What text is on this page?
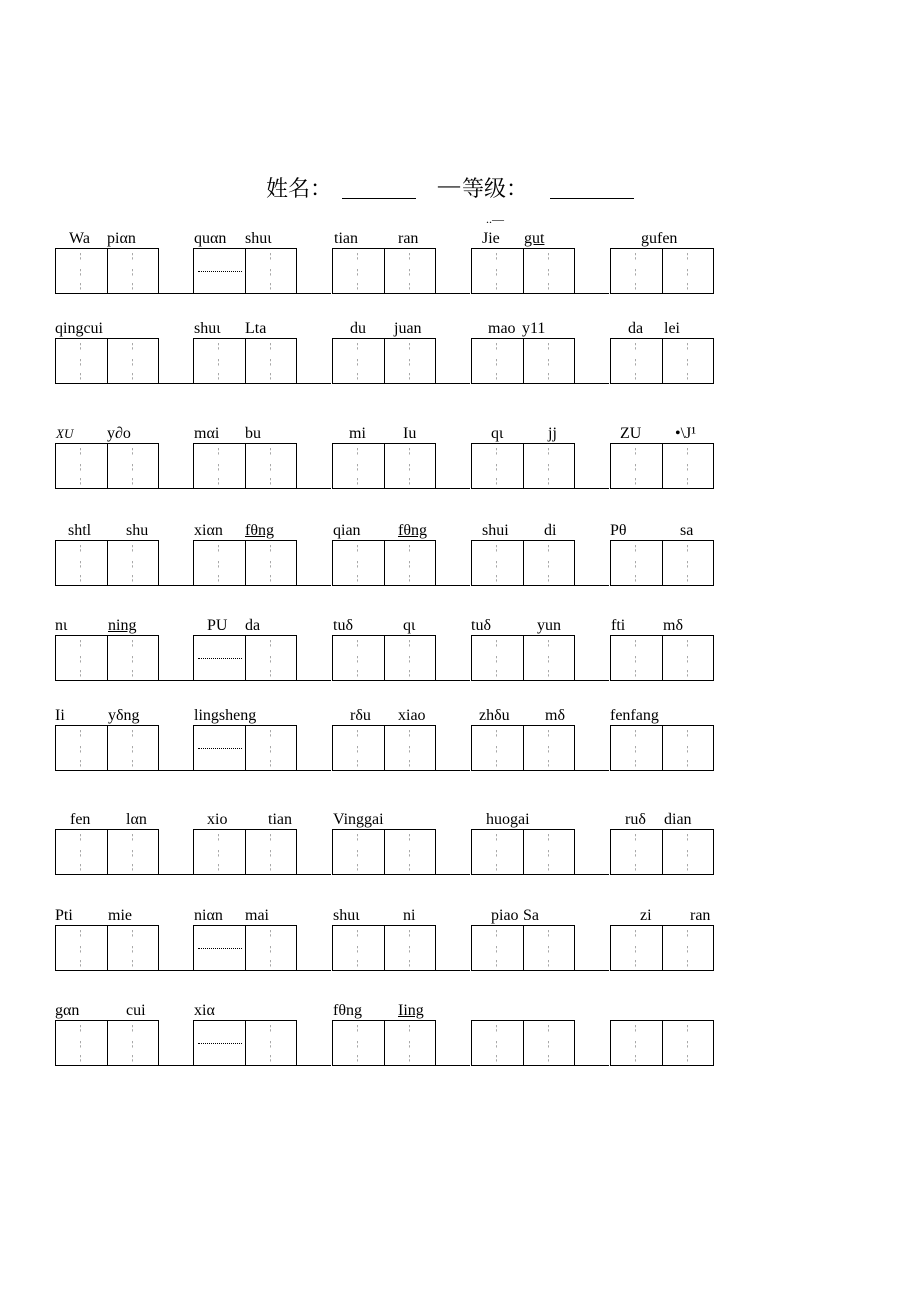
姓名：	— 等级：
..—
Wa piαn	quαn shuι	tian	ran	Jie gut	gufen
¦
¦
¦
¦
¦
¦
¦
¦
¦
¦
¦
¦
¦
¦
¦
¦
¦
¦
¦
¦
¦
¦
¦
¦
¦
¦
¦
qingcui	shuι Lta	du juan	mao y11	da lei
¦
¦
¦
¦
¦
¦
¦
¦
¦
¦
¦
¦
¦
¦
¦
¦
¦
¦
¦
¦
¦
¦
¦
¦
¦
¦
¦
¦
¦
¦
XU y∂o	mαi bu	mi Iu	qι	jj	ZU •\J¹
¦
¦
¦
¦
¦
¦
¦
¦
¦
¦
¦
¦
¦
¦
¦
¦
¦
¦
¦
¦
¦
¦
¦
¦
¦
¦
¦
¦
¦
¦
shtl shu	xiαn fθng	qian fθng	shui di	Pθ	sa
¦
¦
¦
¦
¦
¦
¦
¦
¦
¦
¦
¦
¦
¦
¦
¦
¦
¦
¦
¦
¦
¦
¦
¦
¦
¦
¦
¦
¦
¦
nι	ning	PU da	tuδ	qι	tuδ	yun	fti mδ
¦
¦
¦
¦
¦
¦
¦
¦
¦
¦
¦
¦
¦
¦
¦
¦
¦
¦
¦
¦
¦
¦
¦
¦
¦
¦
¦
Ii	yδng	lingsheng	rδu xiao	zhδu mδ	fenfang
¦
¦
¦
¦
¦
¦
¦
¦
¦
¦
¦
¦
¦
¦
¦
¦
¦
¦
¦
¦
¦
¦
¦
¦
¦
¦
¦
fen lαn	xio	tian	Vinggai	huogai	ruδ dian
¦
¦
¦
¦
¦
¦
¦
¦
¦
¦
¦
¦
¦
¦
¦
¦
¦
¦
¦
¦
¦
¦
¦
¦
¦
¦
¦
¦
¦
¦
Pti mie	niαn mai	shuι	ni	piao Sa	zi ran
¦
¦
¦
¦
¦
¦
¦
¦
¦
¦
¦
¦
¦
¦
¦
¦
¦
¦
¦
¦
¦
¦
¦
¦
¦
¦
¦
gαn	cui	xiα	fθng Iing
¦
¦
¦
¦
¦
¦
¦
¦
¦
¦
¦
¦
¦
¦
¦
¦
¦
¦
¦
¦
¦
¦
¦
¦
¦
¦
¦
